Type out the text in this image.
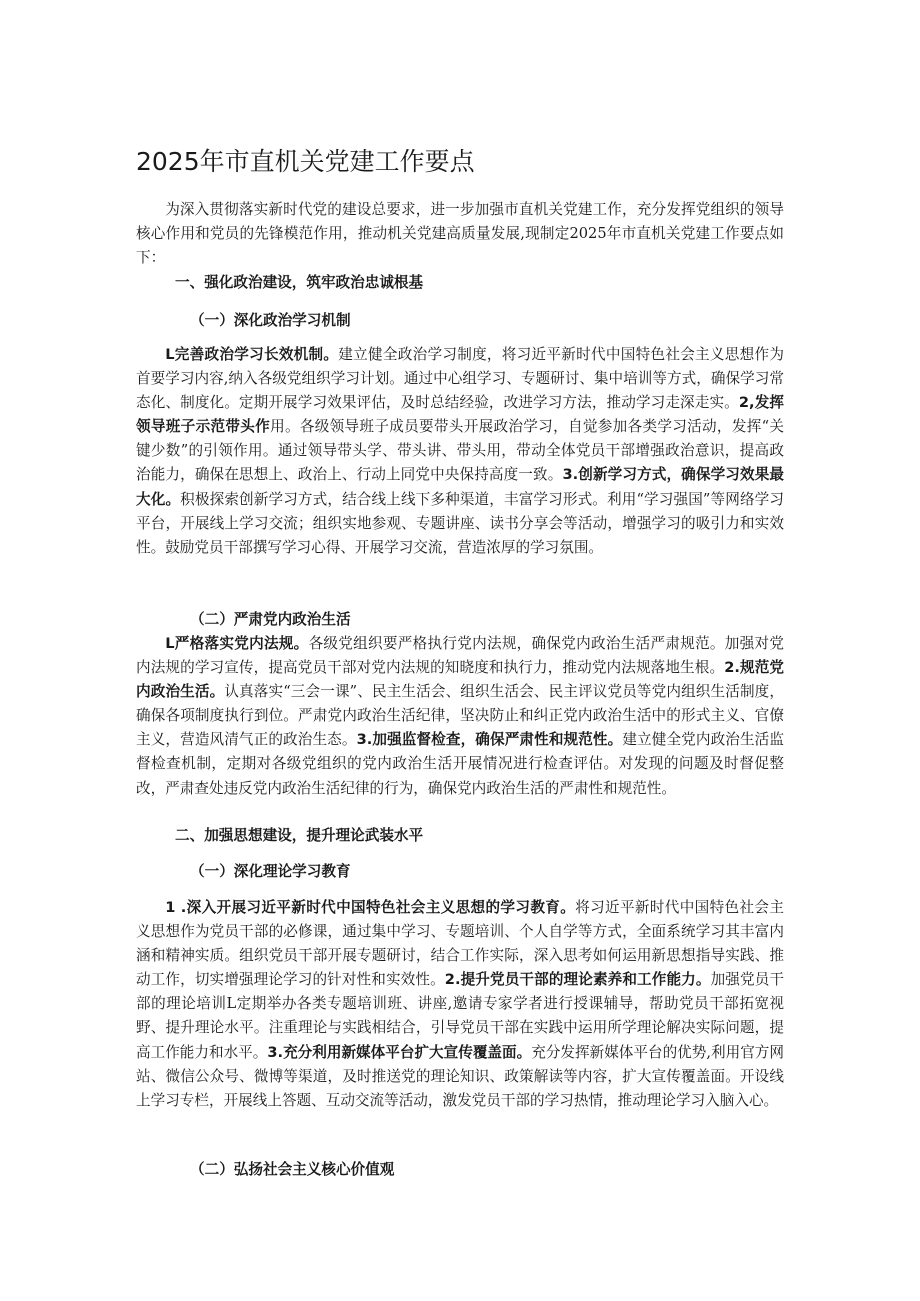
2025年市直机关党建工作要点

为深入贯彻落实新时代党的建设总要求，进一步加强市直机关党建工作，充分发挥党组织的领导核心作用和党员的先锋模范作用，推动机关党建高质量发展,现制定2025年市直机关党建工作要点如下：

一、强化政治建设，筑牢政治忠诚根基
（一）深化政治学习机制

L完善政治学习长效机制。建立健全政治学习制度，将习近平新时代中国特色社会主义思想作为首要学习内容,纳入各级党组织学习计划。通过中心组学习、专题研讨、集中培训等方式，确保学习常态化、制度化。定期开展学习效果评估，及时总结经验，改进学习方法，推动学习走深走实。2,发挥领导班子示范带头作用。各级领导班子成员要带头开展政治学习，自觉参加各类学习活动，发挥“关键少数”的引领作用。通过领导带头学、带头讲、带头用，带动全体党员干部增强政治意识，提高政治能力，确保在思想上、政治上、行动上同党中央保持高度一致。3.创新学习方式，确保学习效果最大化。积极探索创新学习方式，结合线上线下多种渠道，丰富学习形式。利用“学习强国”等网络学习平台，开展线上学习交流；组织实地参观、专题讲座、读书分享会等活动，增强学习的吸引力和实效性。鼓励党员干部撰写学习心得、开展学习交流，营造浓厚的学习氛围。

（二）严肃党内政治生活

L严格落实党内法规。各级党组织要严格执行党内法规，确保党内政治生活严肃规范。加强对党内法规的学习宣传，提高党员干部对党内法规的知晓度和执行力，推动党内法规落地生根。2.规范党内政治生活。认真落实“三会一课”、民主生活会、组织生活会、民主评议党员等党内组织生活制度，确保各项制度执行到位。严肃党内政治生活纪律，坚决防止和纠正党内政治生活中的形式主义、官僚主义，营造风清气正的政治生态。3.加强监督检查，确保严肃性和规范性。建立健全党内政治生活监督检查机制，定期对各级党组织的党内政治生活开展情况进行检查评估。对发现的问题及时督促整改，严肃查处违反党内政治生活纪律的行为，确保党内政治生活的严肃性和规范性。

二、加强思想建设，提升理论武装水平
（一）深化理论学习教育

1 .深入开展习近平新时代中国特色社会主义思想的学习教育。将习近平新时代中国特色社会主义思想作为党员干部的必修课，通过集中学习、专题培训、个人自学等方式，全面系统学习其丰富内涵和精神实质。组织党员干部开展专题研讨，结合工作实际，深入思考如何运用新思想指导实践、推动工作，切实增强理论学习的针对性和实效性。2.提升党员干部的理论素养和工作能力。加强党员干部的理论培训L定期举办各类专题培训班、讲座,邀请专家学者进行授课辅导，帮助党员干部拓宽视野、提升理论水平。注重理论与实践相结合，引导党员干部在实践中运用所学理论解决实际问题，提高工作能力和水平。3.充分利用新媒体平台扩大宣传覆盖面。充分发挥新媒体平台的优势,利用官方网站、微信公众号、微博等渠道，及时推送党的理论知识、政策解读等内容，扩大宣传覆盖面。开设线上学习专栏，开展线上答题、互动交流等活动，激发党员干部的学习热情，推动理论学习入脑入心。

（二）弘扬社会主义核心价值观
